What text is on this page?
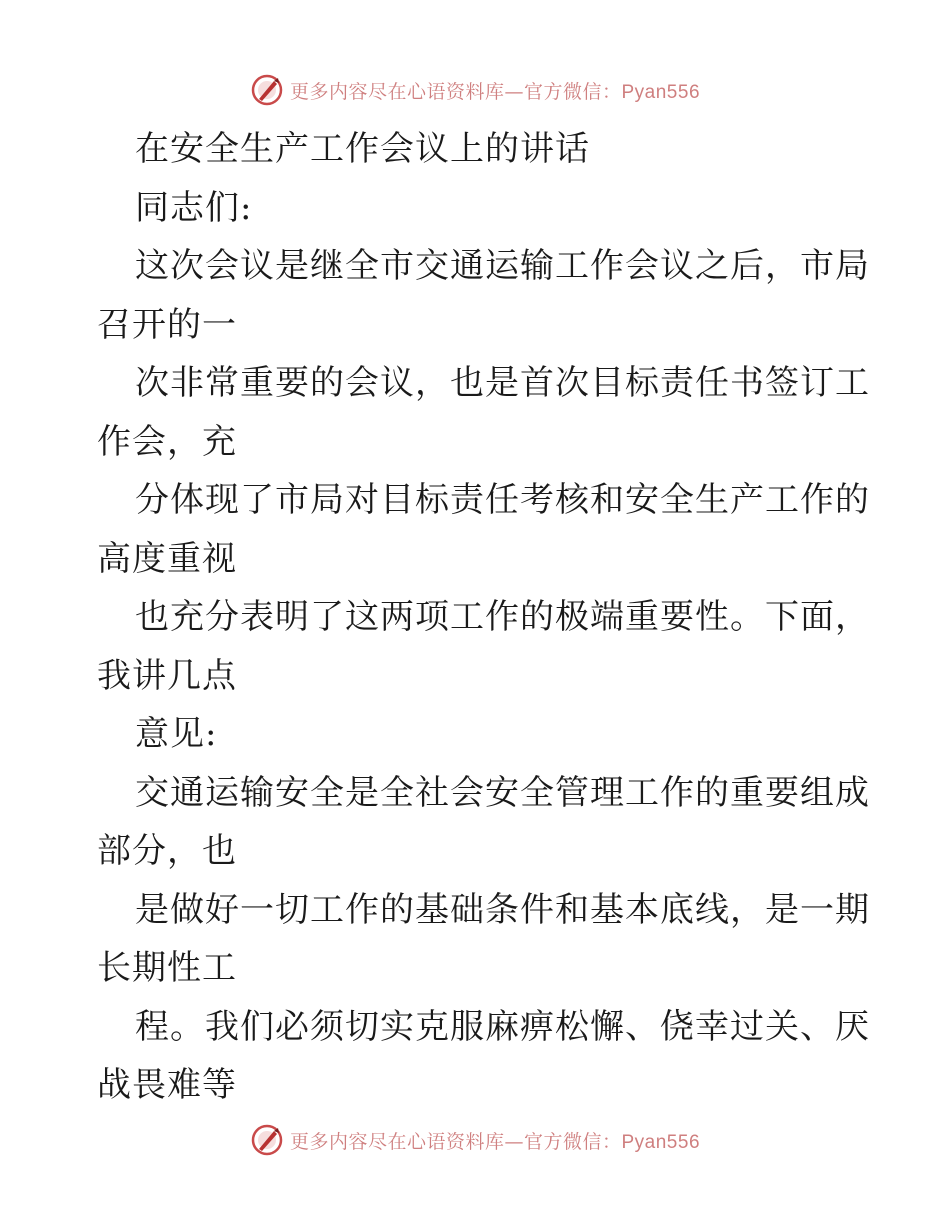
更多内容尽在心语资料库—官方微信：Pyan556
在安全生产工作会议上的讲话
同志们:
这次会议是继全市交通运输工作会议之后，市局
召开的一
次非常重要的会议，也是首次目标责任书签订工
作会，充
分体现了市局对目标责任考核和安全生产工作的
高度重视
也充分表明了这两项工作的极端重要性。下面，
我讲几点
意见:
交通运输安全是全社会安全管理工作的重要组成
部分，也
是做好一切工作的基础条件和基本底线，是一期
长期性工
程。我们必须切实克服麻痹松懈、侥幸过关、厌
战畏难等
更多内容尽在心语资料库—官方微信：Pyan556
